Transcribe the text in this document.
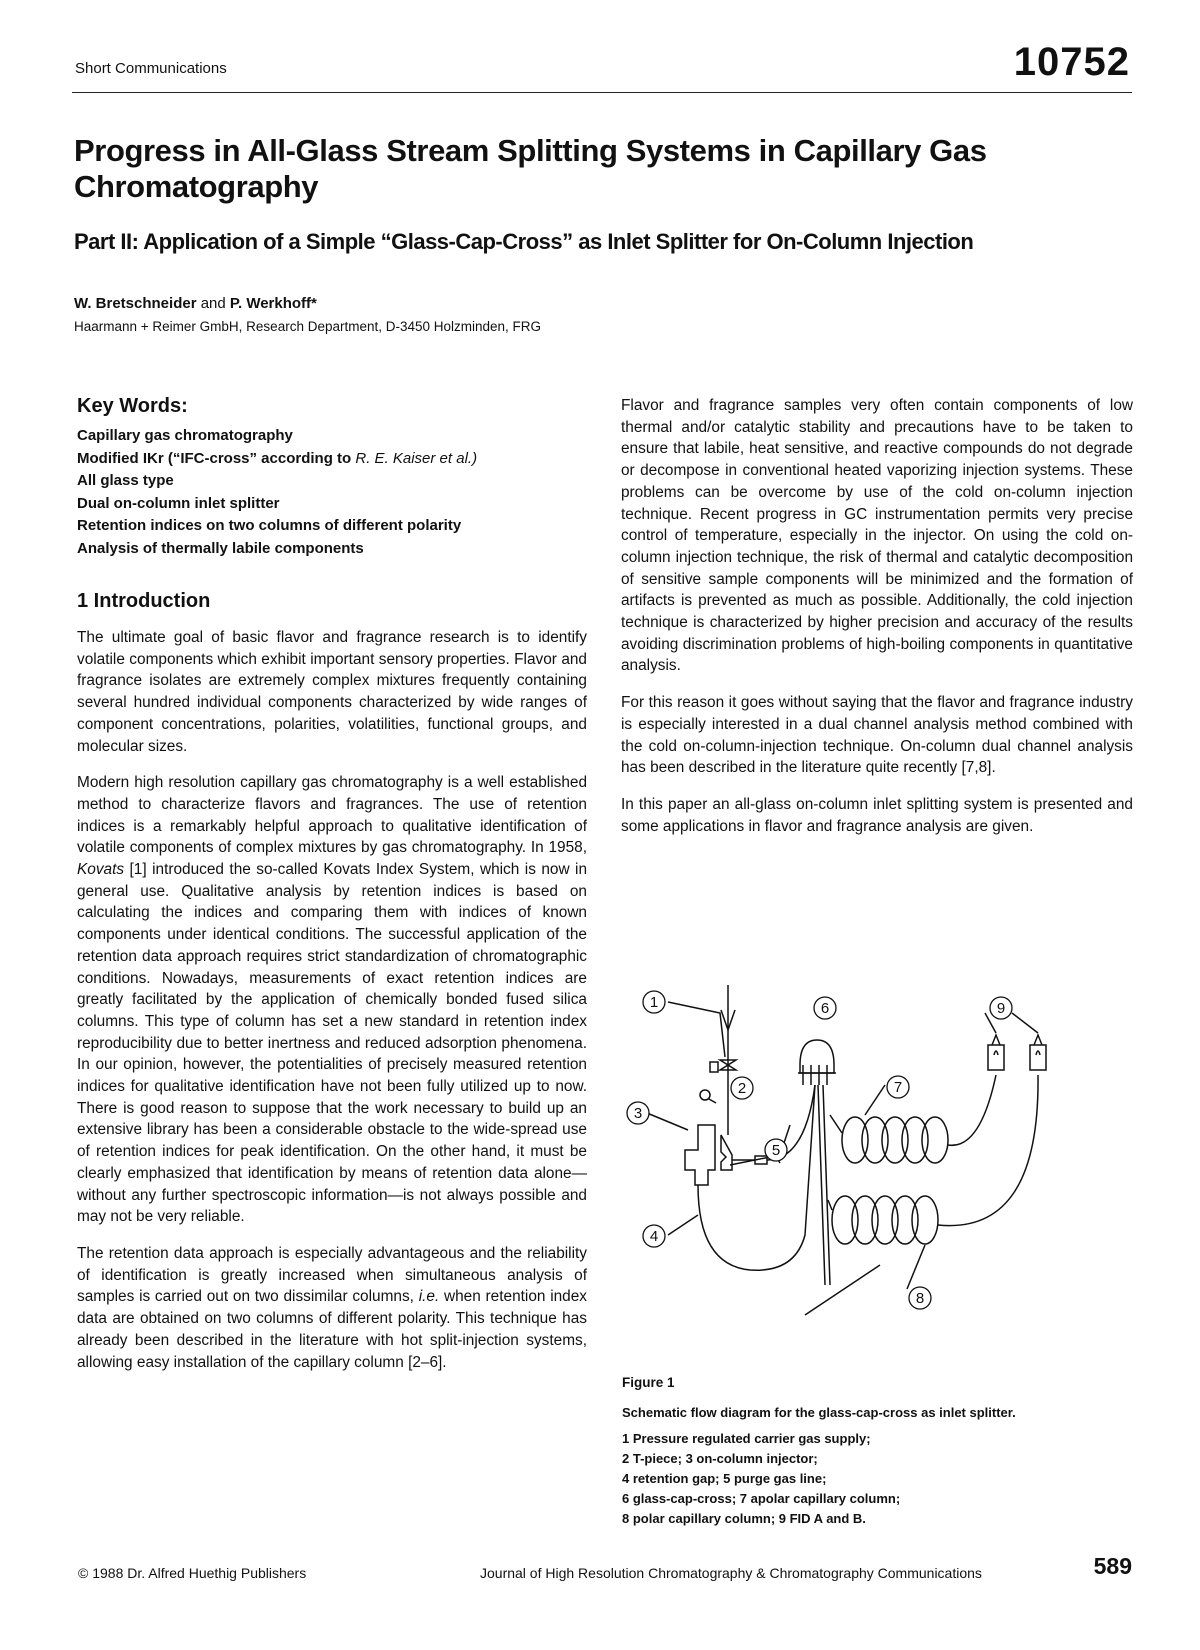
Short Communications	10752
Progress in All-Glass Stream Splitting Systems in Capillary Gas Chromatography
Part II: Application of a Simple “Glass-Cap-Cross” as Inlet Splitter for On-Column Injection
W. Bretschneider and P. Werkhoff*
Haarmann + Reimer GmbH, Research Department, D-3450 Holzminden, FRG
Key Words:
Capillary gas chromatography
Modified IKr (“IFC-cross” according to R. E. Kaiser et al.)
All glass type
Dual on-column inlet splitter
Retention indices on two columns of different polarity
Analysis of thermally labile components
1 Introduction

The ultimate goal of basic flavor and fragrance research is to identify volatile components which exhibit important sensory properties. Flavor and fragrance isolates are extremely complex mixtures frequently containing several hundred individual components characterized by wide ranges of component concentrations, polarities, volatilities, functional groups, and molecular sizes.

Modern high resolution capillary gas chromatography is a well established method to characterize flavors and fragrances. The use of retention indices is a remarkably helpful approach to qualitative identification of volatile components of complex mixtures by gas chromatography. In 1958, Kovats [1] introduced the so-called Kovats Index System, which is now in general use. Qualitative analysis by retention indices is based on calculating the indices and comparing them with indices of known components under identical conditions. The successful application of the retention data approach requires strict standardization of chromatographic conditions. Nowadays, measurements of exact retention indices are greatly facilitated by the application of chemically bonded fused silica columns. This type of column has set a new standard in retention index reproducibility due to better inertness and reduced adsorption phenomena. In our opinion, however, the potentialities of precisely measured retention indices for qualitative identification have not been fully utilized up to now. There is good reason to suppose that the work necessary to build up an extensive library has been a considerable obstacle to the wide-spread use of retention indices for peak identification. On the other hand, it must be clearly emphasized that identification by means of retention data alone—without any further spectroscopic information—is not always possible and may not be very reliable.

The retention data approach is especially advantageous and the reliability of identification is greatly increased when simultaneous analysis of samples is carried out on two dissimilar columns, i.e. when retention index data are obtained on two columns of different polarity. This technique has already been described in the literature with hot split-injection systems, allowing easy installation of the capillary column [2–6].

Flavor and fragrance samples very often contain components of low thermal and/or catalytic stability and precautions have to be taken to ensure that labile, heat sensitive, and reactive compounds do not degrade or decompose in conventional heated vaporizing injection systems. These problems can be overcome by use of the cold on-column injection technique. Recent progress in GC instrumentation permits very precise control of temperature, especially in the injector. On using the cold on-column injection technique, the risk of thermal and catalytic decomposition of sensitive sample components will be minimized and the formation of artifacts is prevented as much as possible. Additionally, the cold injection technique is characterized by higher precision and accuracy of the results avoiding discrimination problems of high-boiling components in quantitative analysis.

For this reason it goes without saying that the flavor and fragrance industry is especially interested in a dual channel analysis method combined with the cold on-column-injection technique. On-column dual channel analysis has been described in the literature quite recently [7,8].

In this paper an all-glass on-column inlet splitting system is presented and some applications in flavor and fragrance analysis are given.

1
2
3
4
5
6
7
8
9
Figure 1
Schematic flow diagram for the glass-cap-cross as inlet splitter.
1 Pressure regulated carrier gas supply;
2 T-piece; 3 on-column injector;
4 retention gap; 5 purge gas line;
6 glass-cap-cross; 7 apolar capillary column;
8 polar capillary column; 9 FID A and B.
© 1988 Dr. Alfred Huethig Publishers	Journal of High Resolution Chromatography & Chromatography Communications	589
